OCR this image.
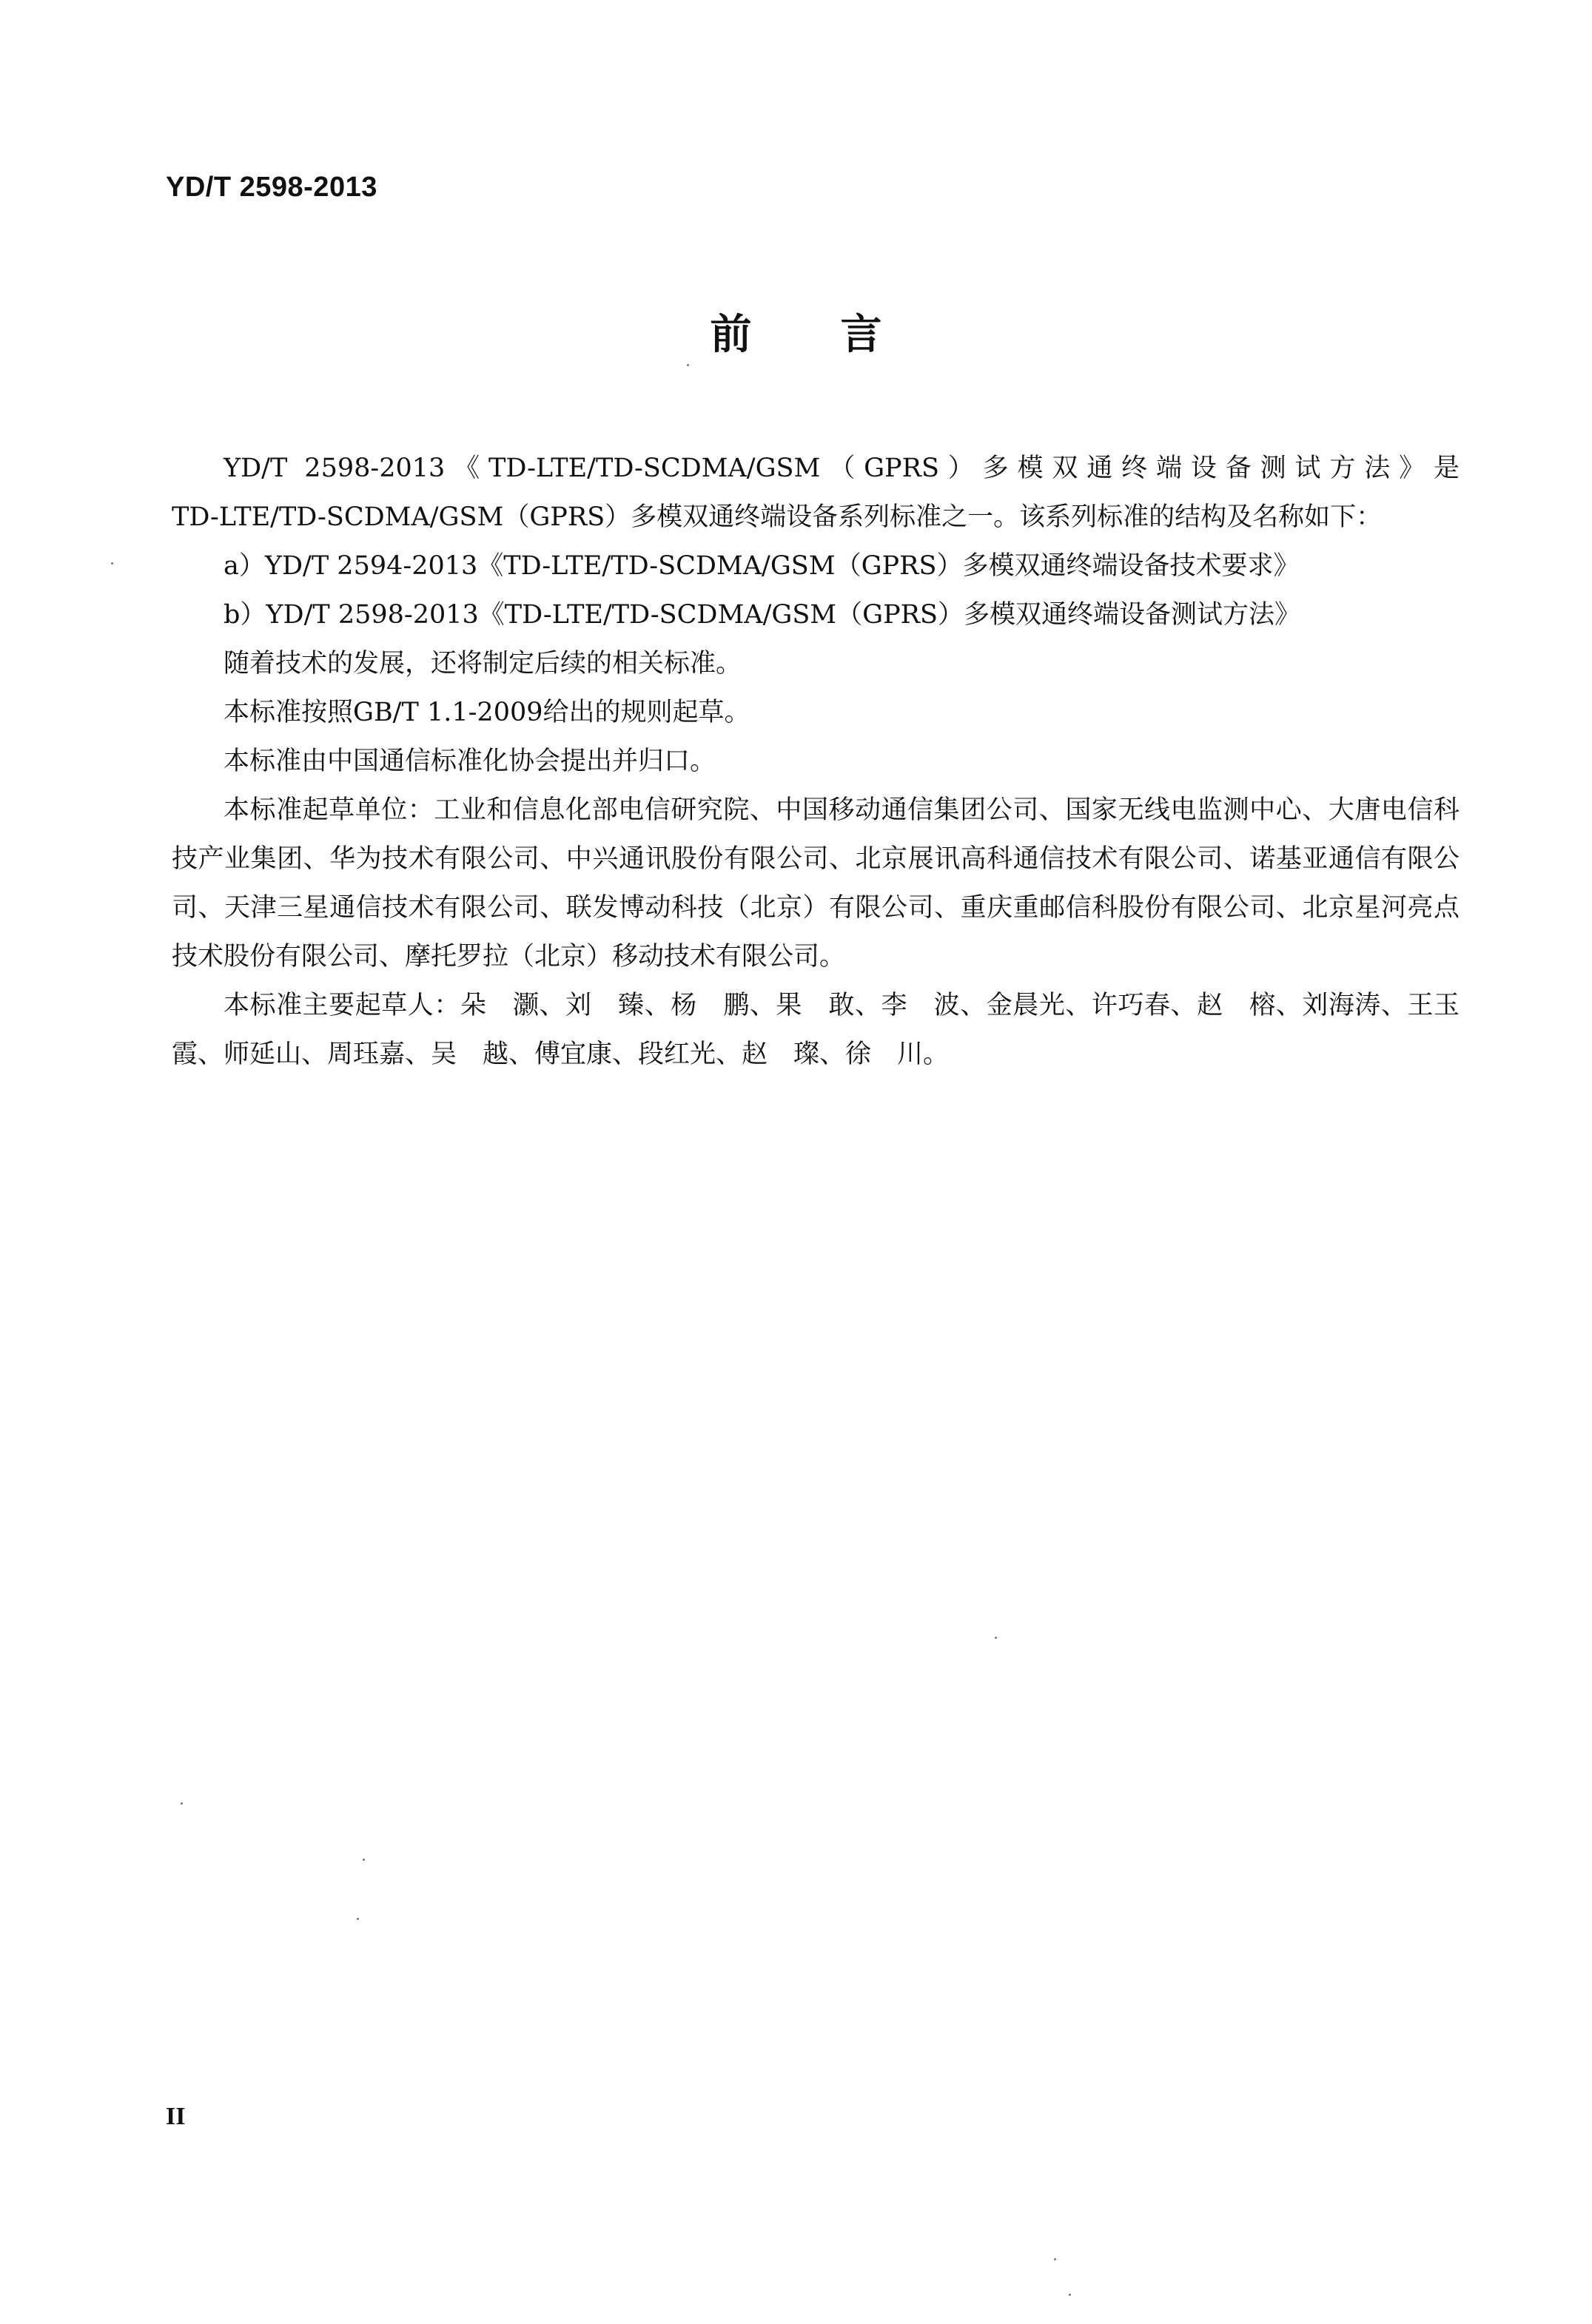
YD/T 2598-2013
前 言

YD/T 2598-2013《TD-LTE/TD-SCDMA/GSM（GPRS）多模双通终端设备测试方法》是

TD-LTE/TD-SCDMA/GSM（GPRS）多模双通终端设备系列标准之一。该系列标准的结构及名称如下：

a）YD/T 2594-2013《TD-LTE/TD-SCDMA/GSM（GPRS）多模双通终端设备技术要求》

b）YD/T 2598-2013《TD-LTE/TD-SCDMA/GSM（GPRS）多模双通终端设备测试方法》

随着技术的发展，还将制定后续的相关标准。

本标准按照GB/T 1.1-2009给出的规则起草。

本标准由中国通信标准化协会提出并归口。

本标准起草单位：工业和信息化部电信研究院、中国移动通信集团公司、国家无线电监测中心、大唐电信科技产业集团、华为技术有限公司、中兴通讯股份有限公司、北京展讯高科通信技术有限公司、诺基亚通信有限公司、天津三星通信技术有限公司、联发博动科技（北京）有限公司、重庆重邮信科股份有限公司、北京星河亮点技术股份有限公司、摩托罗拉（北京）移动技术有限公司。

本标准主要起草人：朵　灏、刘　臻、杨　鹏、果　敢、李　波、金晨光、许巧春、赵　榕、刘海涛、王玉霞、师延山、周珏嘉、吴　越、傅宜康、段红光、赵　璨、徐　川。

II
